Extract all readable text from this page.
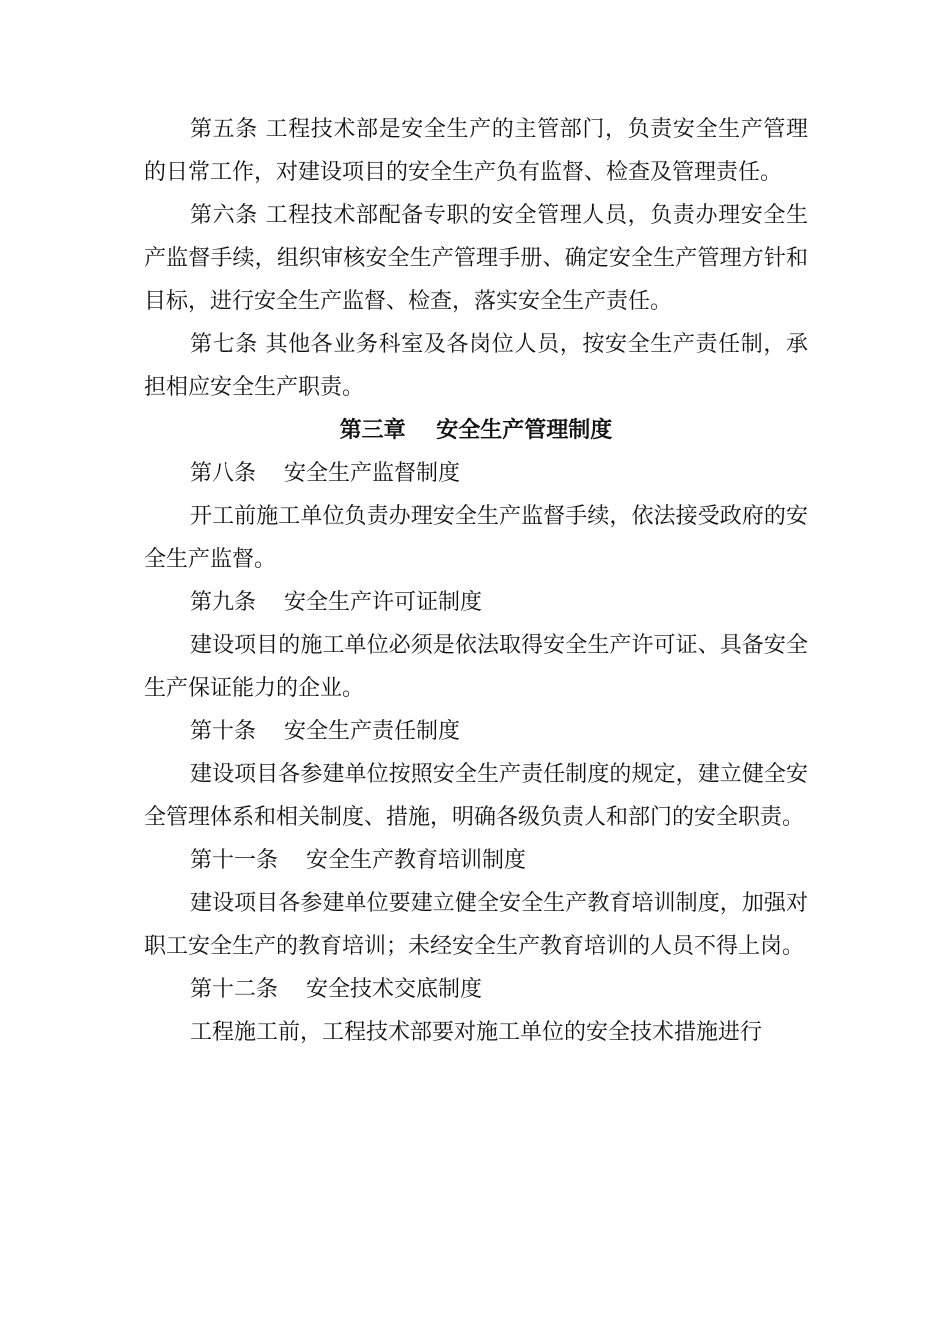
第五条 工程技术部是安全生产的主管部门，负责安全生产管理的日常工作，对建设项目的安全生产负有监督、检查及管理责任。

第六条 工程技术部配备专职的安全管理人员，负责办理安全生产监督手续，组织审核安全生产管理手册、确定安全生产管理方针和目标，进行安全生产监督、检查，落实安全生产责任。

第七条 其他各业务科室及各岗位人员，按安全生产责任制，承担相应安全生产职责。

第三章    安全生产管理制度

第八条    安全生产监督制度

开工前施工单位负责办理安全生产监督手续，依法接受政府的安全生产监督。

第九条    安全生产许可证制度

建设项目的施工单位必须是依法取得安全生产许可证、具备安全生产保证能力的企业。

第十条    安全生产责任制度

建设项目各参建单位按照安全生产责任制度的规定，建立健全安全管理体系和相关制度、措施，明确各级负责人和部门的安全职责。

第十一条    安全生产教育培训制度

建设项目各参建单位要建立健全安全生产教育培训制度，加强对职工安全生产的教育培训；未经安全生产教育培训的人员不得上岗。

第十二条    安全技术交底制度

工程施工前，工程技术部要对施工单位的安全技术措施进行
